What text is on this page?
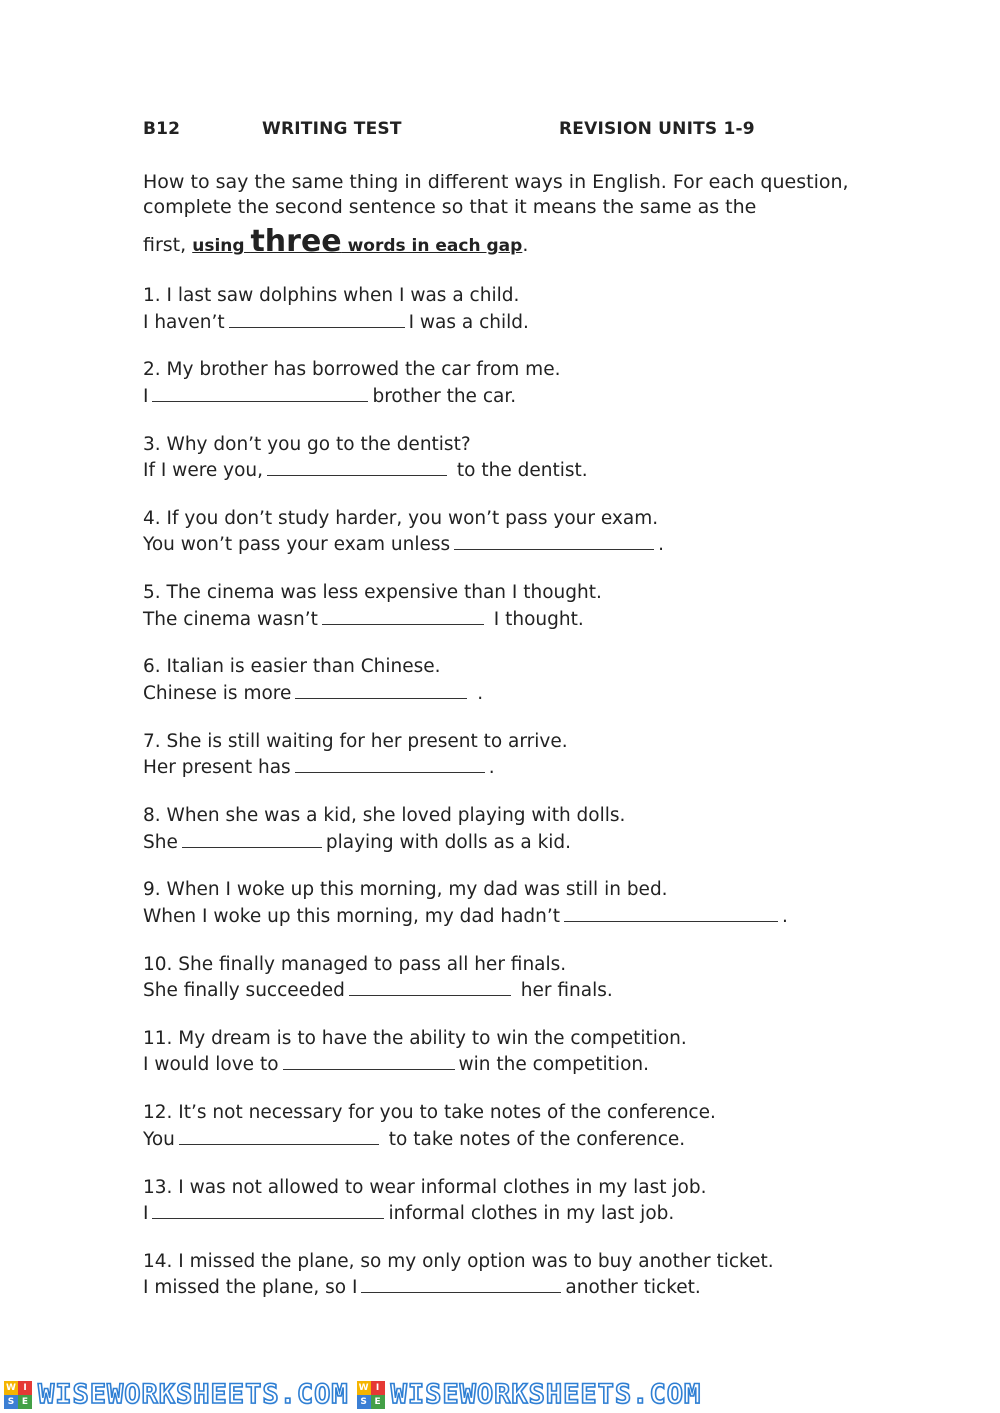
B12	WRITING TEST	REVISION UNITS 1-9
How to say the same thing in different ways in English. For each question,
complete the second sentence so that it means the same as the
first, using three words in each gap.
1. I last saw dolphins when I was a child.
I haven’t	I was a child.
2. My brother has borrowed the car from me.
I	brother the car.
3. Why don’t you go to the dentist?
If I were you,	to the dentist.
4. If you don’t study harder, you won’t pass your exam.
You won’t pass your exam unless	.
5. The cinema was less expensive than I thought.
The cinema wasn’t	I thought.
6. Italian is easier than Chinese.
Chinese is more	.
7. She is still waiting for her present to arrive.
Her present has	.
8. When she was a kid, she loved playing with dolls.
She	playing with dolls as a kid.
9. When I woke up this morning, my dad was still in bed.
When I woke up this morning, my dad hadn’t	.
10. She finally managed to pass all her finals.
She finally succeeded	her finals.
11. My dream is to have the ability to win the competition.
I would love to	win the competition.
12. It’s not necessary for you to take notes of the conference.
You	to take notes of the conference.
13. I was not allowed to wear informal clothes in my last job.
I	informal clothes in my last job.
14. I missed the plane, so my only option was to buy another ticket.
I missed the plane, so I	another ticket.
W I
S E WISEWORKSHEETS.COM W I
S E WISEWORKSHEETS.COM
